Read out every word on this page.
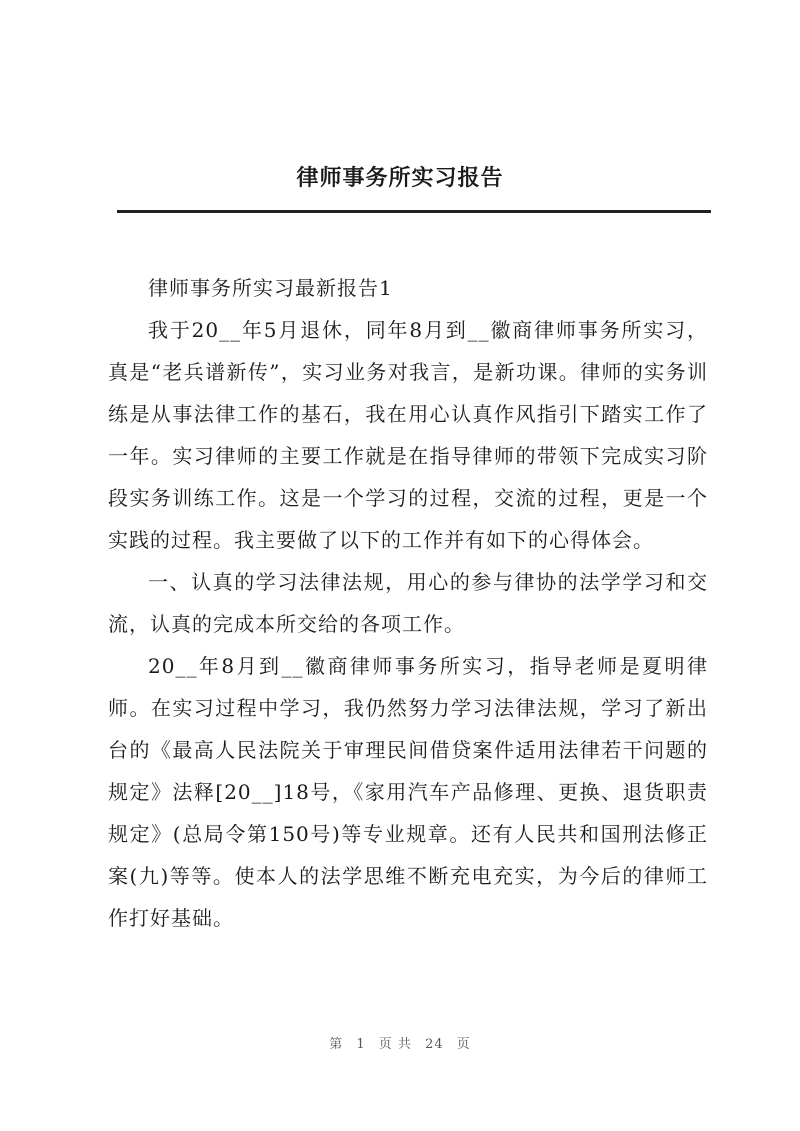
律师事务所实习报告

律师事务所实习最新报告1

我于20__年5月退休，同年8月到__徽商律师事务所实习，真是“老兵谱新传”，实习业务对我言，是新功课。律师的实务训练是从事法律工作的基石，我在用心认真作风指引下踏实工作了一年。实习律师的主要工作就是在指导律师的带领下完成实习阶段实务训练工作。这是一个学习的过程，交流的过程，更是一个实践的过程。我主要做了以下的工作并有如下的心得体会。

一、认真的学习法律法规，用心的参与律协的法学学习和交流，认真的完成本所交给的各项工作。

20__年8月到__徽商律师事务所实习，指导老师是夏明律师。在实习过程中学习，我仍然努力学习法律法规，学习了新出台的《最高人民法院关于审理民间借贷案件适用法律若干问题的规定》法释[20__]18号，《家用汽车产品修理、更换、退货职责规定》(总局令第150号)等专业规章。还有人民共和国刑法修正案(九)等等。使本人的法学思维不断充电充实，为今后的律师工作打好基础。

第 1 页 共 24 页
